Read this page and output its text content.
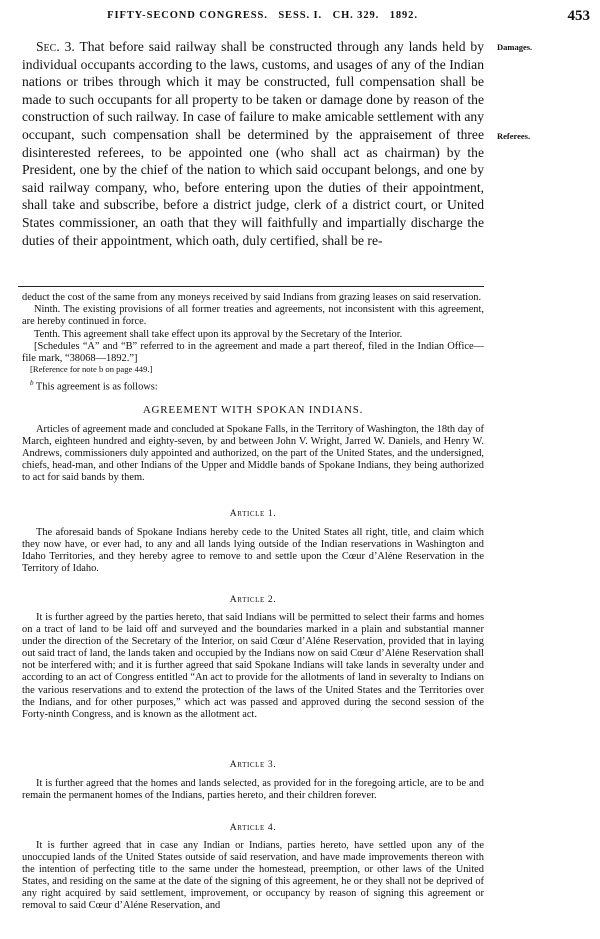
FIFTY-SECOND CONGRESS.   SESS. I.   CH. 329.   1892.	453
Sec. 3. That before said railway shall be constructed through any lands held by individual occupants according to the laws, customs, and usages of any of the Indian nations or tribes through which it may be constructed, full compensation shall be made to such occupants for all property to be taken or damage done by reason of the construction of such railway. In case of failure to make amicable settlement with any occupant, such compensation shall be determined by the appraisement of three disinterested referees, to be appointed one (who shall act as chairman) by the President, one by the chief of the nation to which said occupant belongs, and one by said railway company, who, before entering upon the duties of their appointment, shall take and subscribe, before a district judge, clerk of a district court, or United States commissioner, an oath that they will faithfully and impartially discharge the duties of their appointment, which oath, duly certified, shall be re-
Damages.
Referees.

deduct the cost of the same from any moneys received by said Indians from grazing leases on said reservation.

Ninth. The existing provisions of all former treaties and agreements, not inconsistent with this agreement, are hereby continued in force.

Tenth. This agreement shall take effect upon its approval by the Secretary of the Interior.

[Schedules “A” and “B” referred to in the agreement and made a part thereof, filed in the Indian Office—file mark, “38068—1892.”]

[Reference for note b on page 449.]
$^b$ This agreement is as follows:
AGREEMENT WITH SPOKAN INDIANS.
Articles of agreement made and concluded at Spokane Falls, in the Territory of Washington, the 18th day of March, eighteen hundred and eighty-seven, by and between John V. Wright, Jarred W. Daniels, and Henry W. Andrews, commissioners duly appointed and authorized, on the part of the United States, and the undersigned, chiefs, head-man, and other Indians of the Upper and Middle bands of Spokane Indians, they being authorized to act for said bands by them.
Article 1.
The aforesaid bands of Spokane Indians hereby cede to the United States all right, title, and claim which they now have, or ever had, to any and all lands lying outside of the Indian reservations in Washington and Idaho Territories, and they hereby agree to remove to and settle upon the Cœur d’Aléne Reservation in the Territory of Idaho.
Article 2.
It is further agreed by the parties hereto, that said Indians will be permitted to select their farms and homes on a tract of land to be laid off and surveyed and the boundaries marked in a plain and substantial manner under the direction of the Secretary of the Interior, on said Cœur d’Aléne Reservation, provided that in laying out said tract of land, the lands taken and occupied by the Indians now on said Cœur d’Aléne Reservation shall not be interfered with; and it is further agreed that said Spokane Indians will take lands in severalty under and according to an act of Congress entitled “An act to provide for the allotments of land in severalty to Indians on the various reservations and to extend the protection of the laws of the United States and the Territories over the Indians, and for other purposes,” which act was passed and approved during the second session of the Forty-ninth Congress, and is known as the allotment act.
Article 3.
It is further agreed that the homes and lands selected, as provided for in the foregoing article, are to be and remain the permanent homes of the Indians, parties hereto, and their children forever.
Article 4.
It is further agreed that in case any Indian or Indians, parties hereto, have settled upon any of the unoccupied lands of the United States outside of said reservation, and have made improvements thereon with the intention of perfecting title to the same under the homestead, preemption, or other laws of the United States, and residing on the same at the date of the signing of this agreement, he or they shall not be deprived of any right acquired by said settlement, improvement, or occupancy by reason of signing this agreement or removal to said Cœur d’Aléne Reservation, and
